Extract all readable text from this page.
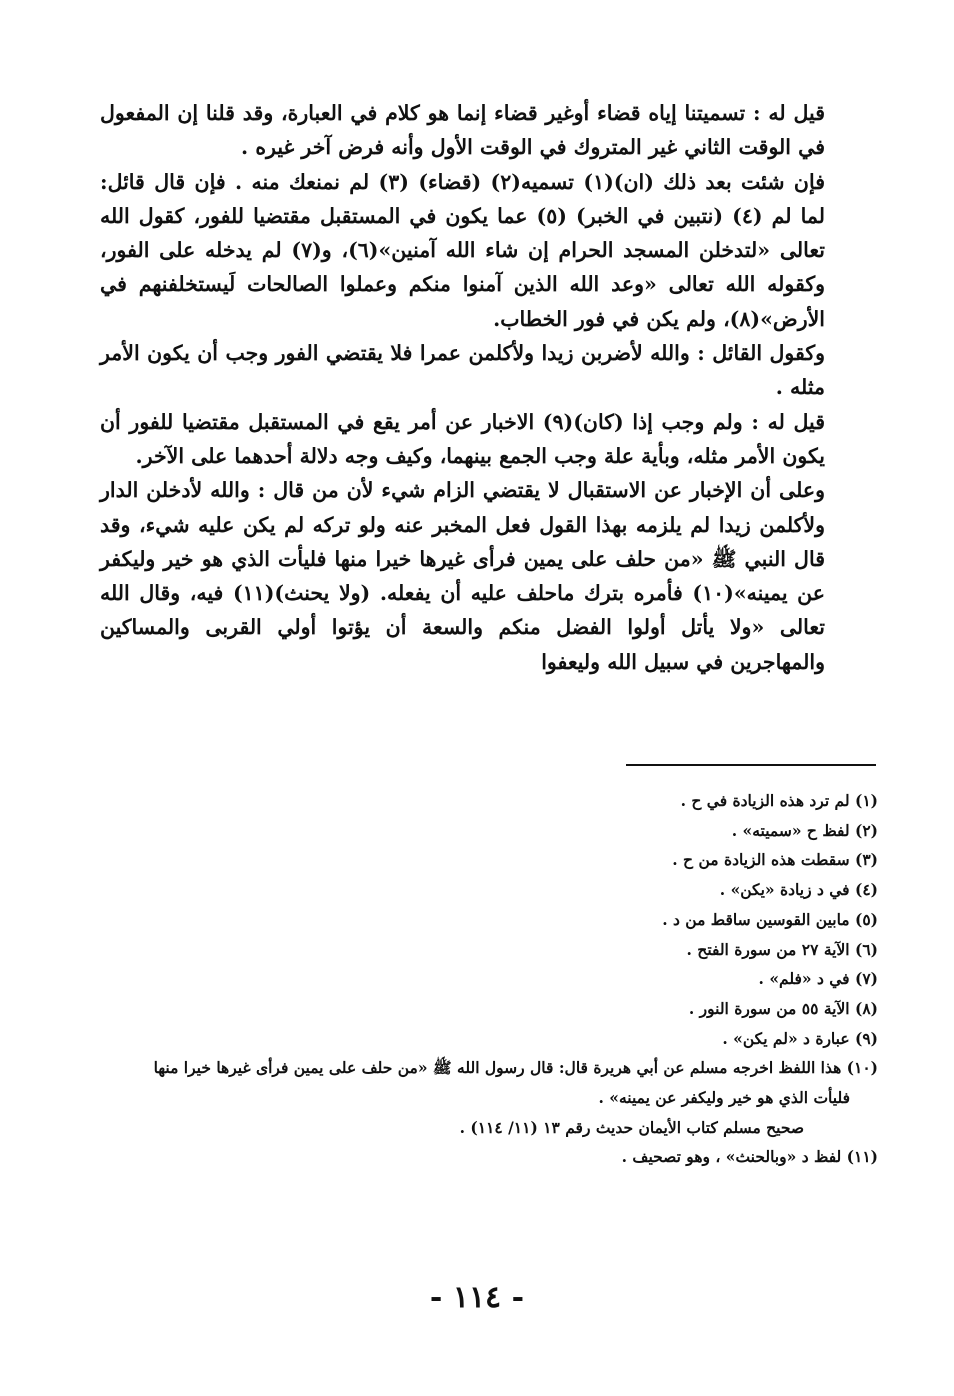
قيل له : تسميتنا إياه قضاء أوغير قضاء إنما هو كلام في العبارة، وقد قلنا إن المفعول في الوقت الثاني غير المتروك في الوقت الأول وأنه فرض آخر غيره .

فإن شئت بعد ذلك (ان)(١) تسميه(٢) (قضاء) (٣) لم نمنعك منه . فإن قال قائل: لما لم (٤) (نتبين في الخبر) (٥) عما يكون في المستقبل مقتضيا للفور، كقول الله تعالى «لتدخلن المسجد الحرام إن شاء الله آمنين»(٦)، و(٧) لم يدخله على الفور، وكقوله الله تعالى «وعد الله الذين آمنوا منكم وعملوا الصالحات لَيستخلفنهم في الأرض»(٨)، ولم يكن في فور الخطاب.

وكقول القائل : والله لأضربن زيدا ولأكلمن عمرا فلا يقتضي الفور وجب أن يكون الأمر مثله .

قيل له : ولم وجب إذا (كان)(٩) الاخبار عن أمر يقع في المستقبل مقتضيا للفور أن يكون الأمر مثله، وبأية علة وجب الجمع بينهما، وكيف وجه دلالة أحدهما على الآخر.

وعلى أن الإخبار عن الاستقبال لا يقتضي الزام شيء لأن من قال : والله لأدخلن الدار ولأكلمن زيدا لم يلزمه بهذا القول فعل المخبر عنه ولو تركه لم يكن عليه شيء، وقد قال النبي ﷺ «من حلف على يمين فرأى غيرها خيرا منها فليأت الذي هو خير وليكفر عن يمينه»(١٠) فأمره بترك ماحلف عليه أن يفعله. (ولا يحنث)(١١) فيه، وقال الله تعالى «ولا يأتل أولوا الفضل منكم والسعة أن يؤتوا أولي القربى والمساكين والمهاجرين في سبيل الله وليعفوا

(١) لم ترد هذه الزيادة في ح .
(٢) لفظ ح «سميته» .
(٣) سقطت هذه الزيادة من ح .
(٤) في د زيادة «يكن» .
(٥) مابين القوسين ساقط من د .
(٦) الآية ٢٧ من سورة الفتح .
(٧) في د «فلم» .
(٨) الآية ٥٥ من سورة النور .
(٩) عبارة د «لم يكن» .
(١٠) هذا اللفظ اخرجه مسلم عن أبي هريرة قال: قال رسول الله ﷺ «من حلف على يمين فرأى غيرها خيرا منها
فليأت الذي هو خير وليكفر عن يمينه» .
صحيح مسلم كتاب الأيمان حديث رقم ١٣ (١١/ ١١٤) .
(١١) لفظ د «وبالحنث» ، وهو تصحيف .
- ١١٤ -
